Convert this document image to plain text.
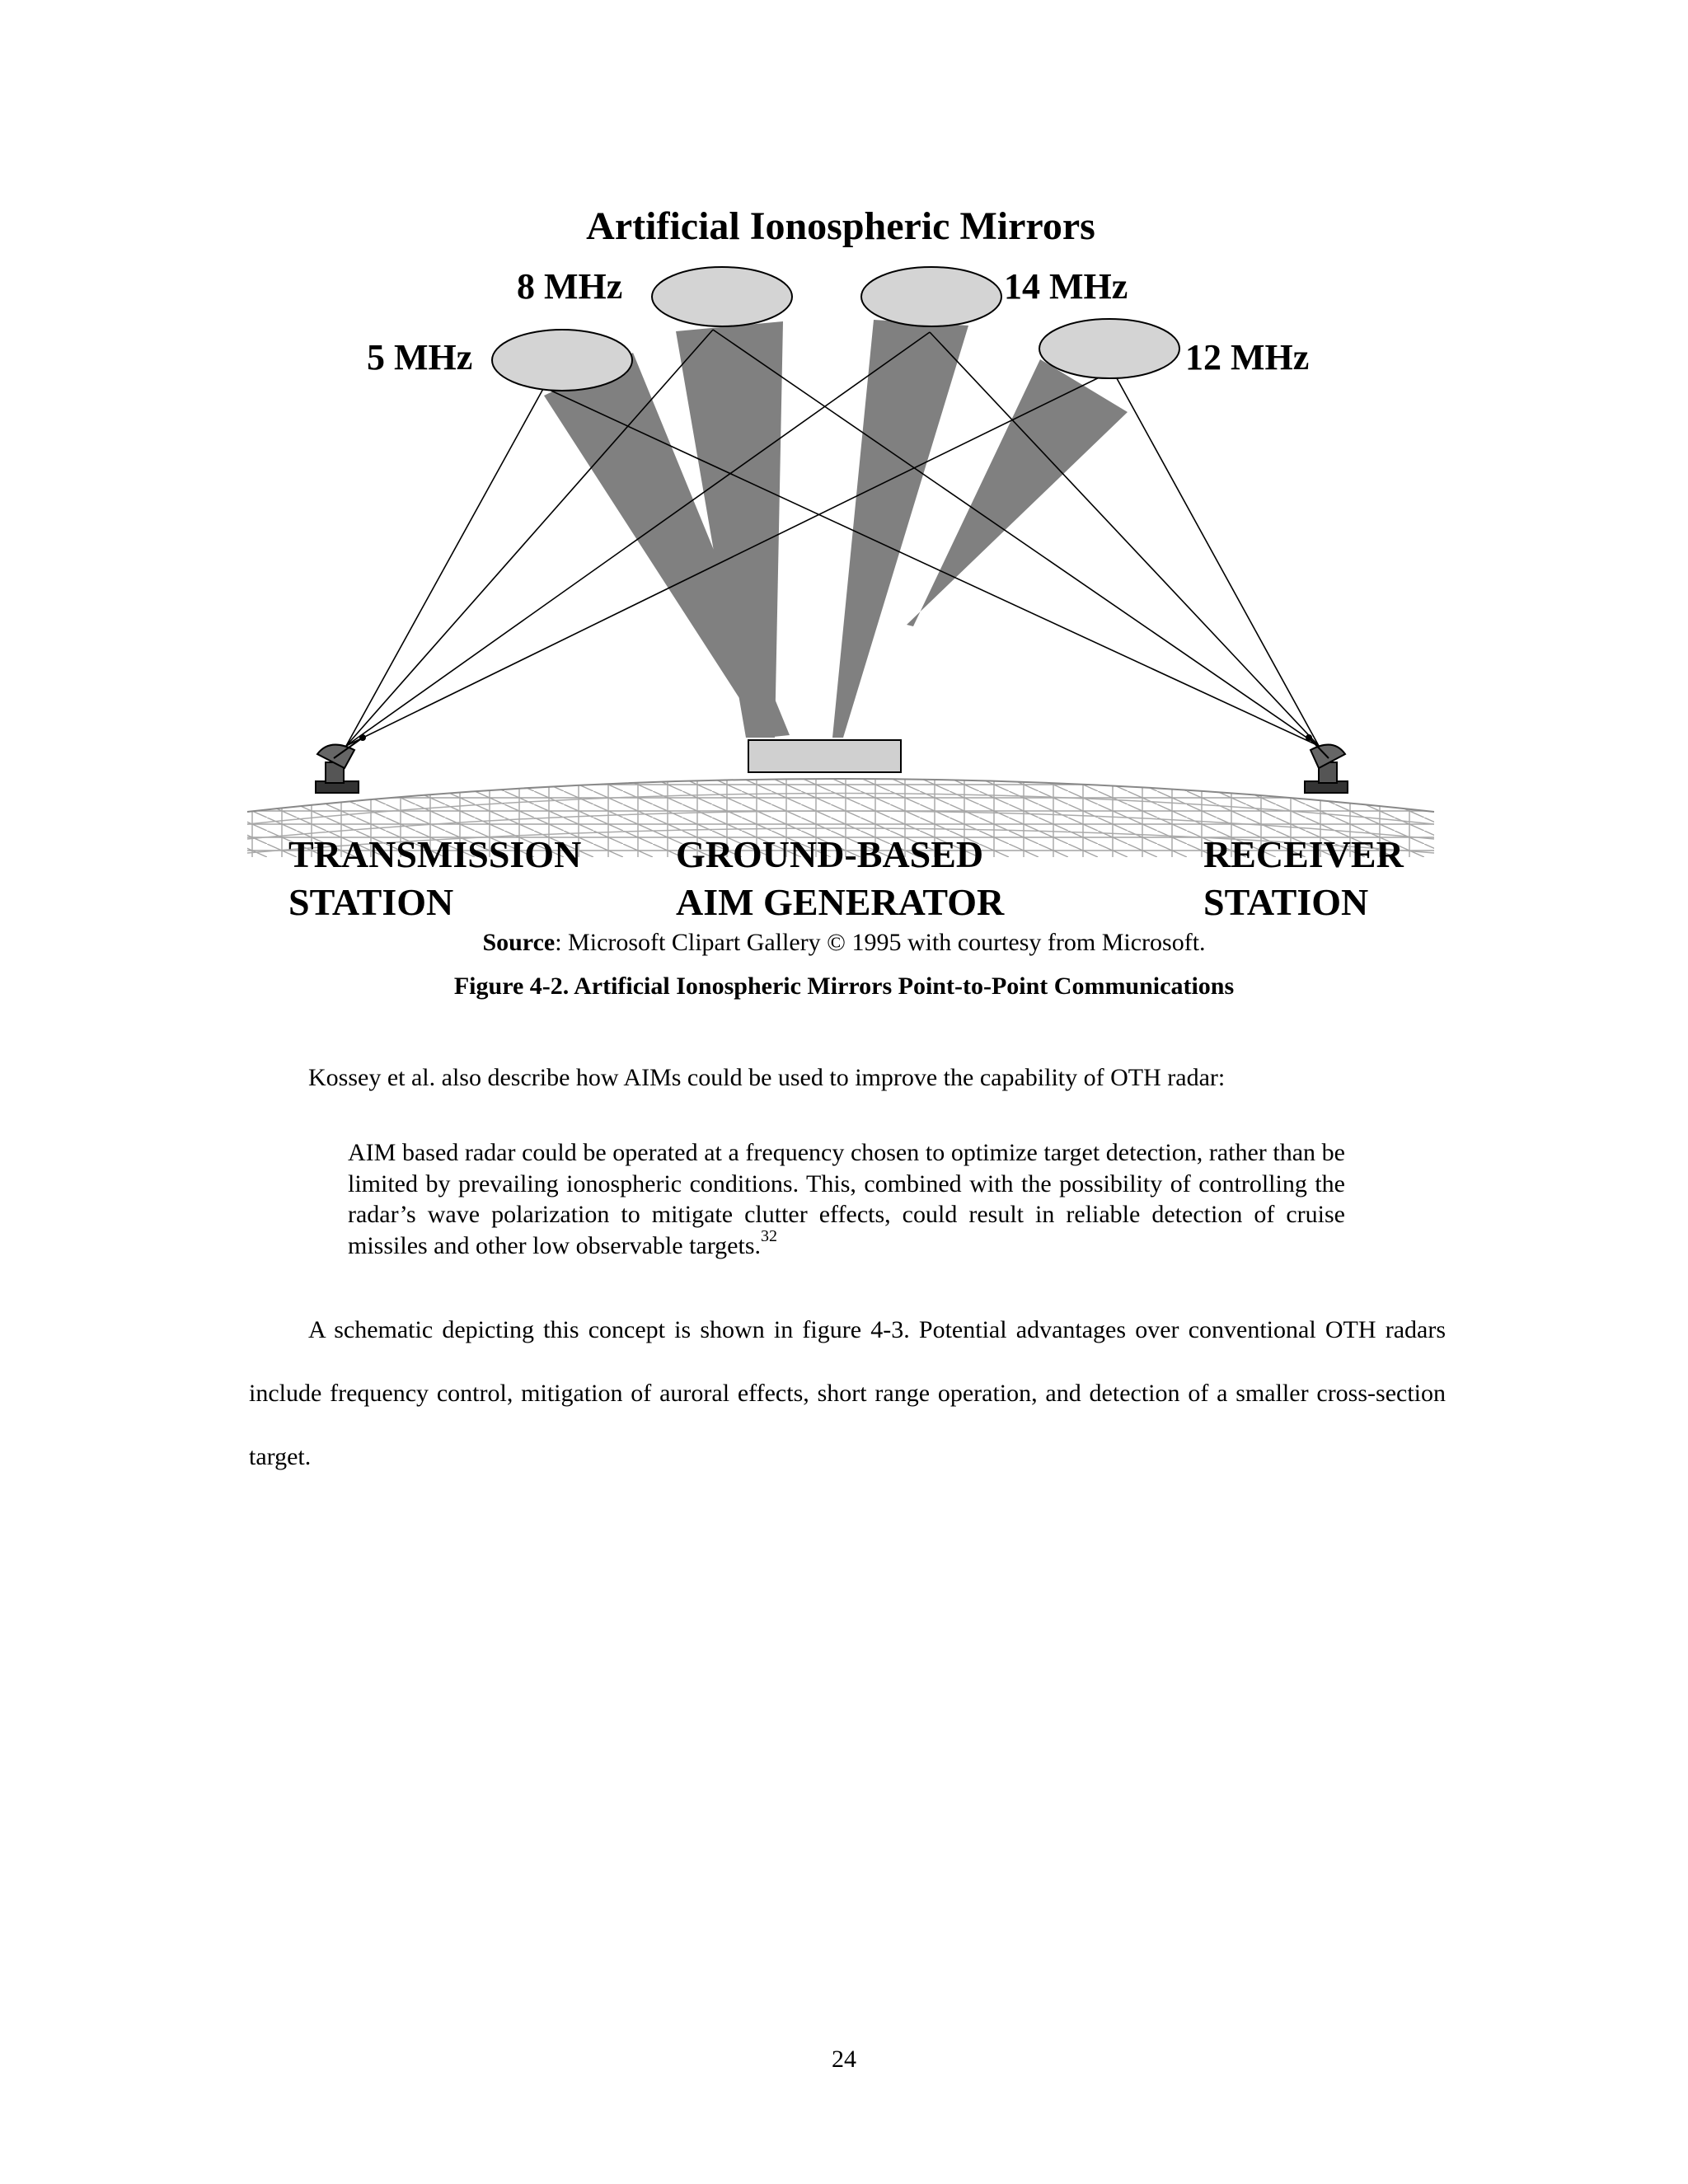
Artificial Ionospheric Mirrors
5 MHz
8 MHz	14 MHz
12 MHz
TRANSMISSION
STATION
GROUND-BASED
AIM GENERATOR
RECEIVER
STATION
Source: Microsoft Clipart Gallery © 1995 with courtesy from Microsoft.
Figure 4-2. Artificial Ionospheric Mirrors Point-to-Point Communications
Kossey et al. also describe how AIMs could be used to improve the capability of OTH radar:
AIM based radar could be operated at a frequency chosen to optimize target detection, rather than be limited by prevailing ionospheric conditions. This, combined with the possibility of controlling the radar’s wave polarization to mitigate clutter effects, could result in reliable detection of cruise missiles and other low observable targets.$^{32}$
A schematic depicting this concept is shown in figure 4-3. Potential advantages over conventional OTH radars include frequency control, mitigation of auroral effects, short range operation, and detection of a smaller cross-section target.
24
